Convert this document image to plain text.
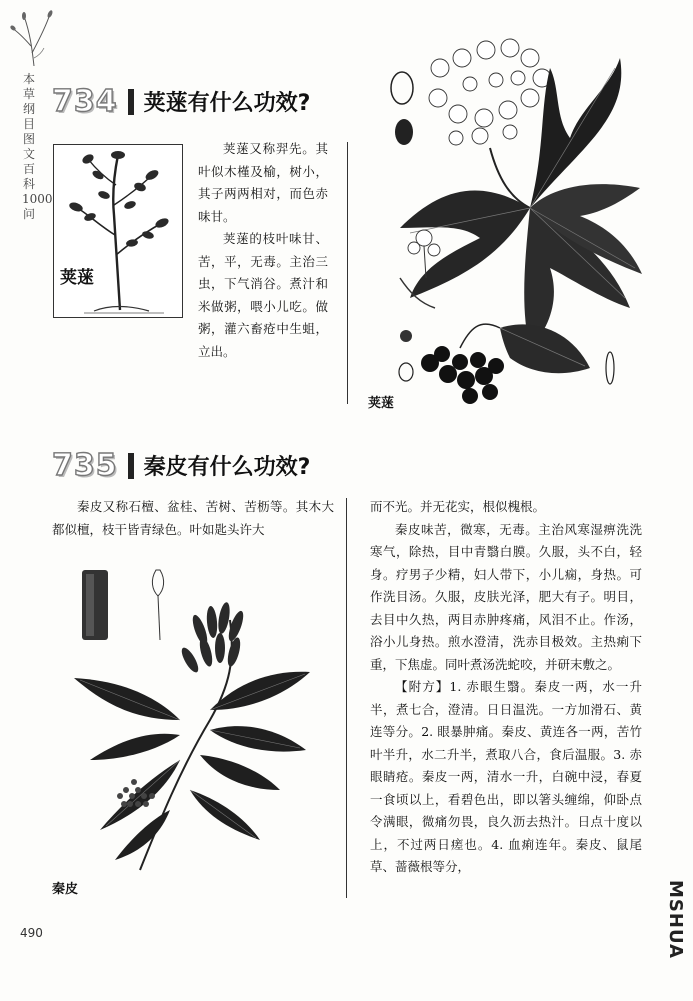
本草纲目图文百科1000问
734 荚蒾有什么功效?
荚蒾

荚蒾又称羿先。其叶似木槿及榆，树小，其子两两相对，而色赤味甘。

荚蒾的枝叶味甘、苦，平，无毒。主治三虫，下气消谷。煮汁和米做粥，喂小儿吃。做粥，灌六畜疮中生蛆，立出。

荚蒾
735 秦皮有什么功效?

秦皮又称石檀、盆桂、苦树、苦枥等。其木大都似檀，枝干皆青绿色。叶如匙头许大

秦皮

而不光。并无花实，根似槐根。

秦皮味苦，微寒，无毒。主治风寒湿痹洗洗寒气，除热，目中青翳白膜。久服，头不白，轻身。疗男子少精，妇人带下，小儿痫，身热。可作洗目汤。久服，皮肤光泽，肥大有子。明目，去目中久热，两目赤肿疼痛，风泪不止。作汤，浴小儿身热。煎水澄清，洗赤目极效。主热痢下重，下焦虚。同叶煮汤洗蛇咬，并研末敷之。

【附方】1. 赤眼生翳。秦皮一两，水一升半，煮七合，澄清。日日温洗。一方加滑石、黄连等分。2. 眼暴肿痛。秦皮、黄连各一两，苦竹叶半升，水二升半，煮取八合，食后温服。3. 赤眼睛疮。秦皮一两，清水一升，白碗中浸，春夏一食顷以上，看碧色出，即以箸头缠绵，仰卧点令满眼，微痛勿畏，良久沥去热汁。日点十度以上，不过两日瘥也。4. 血痢连年。秦皮、鼠尾草、蔷薇根等分，

490	MSHUA
